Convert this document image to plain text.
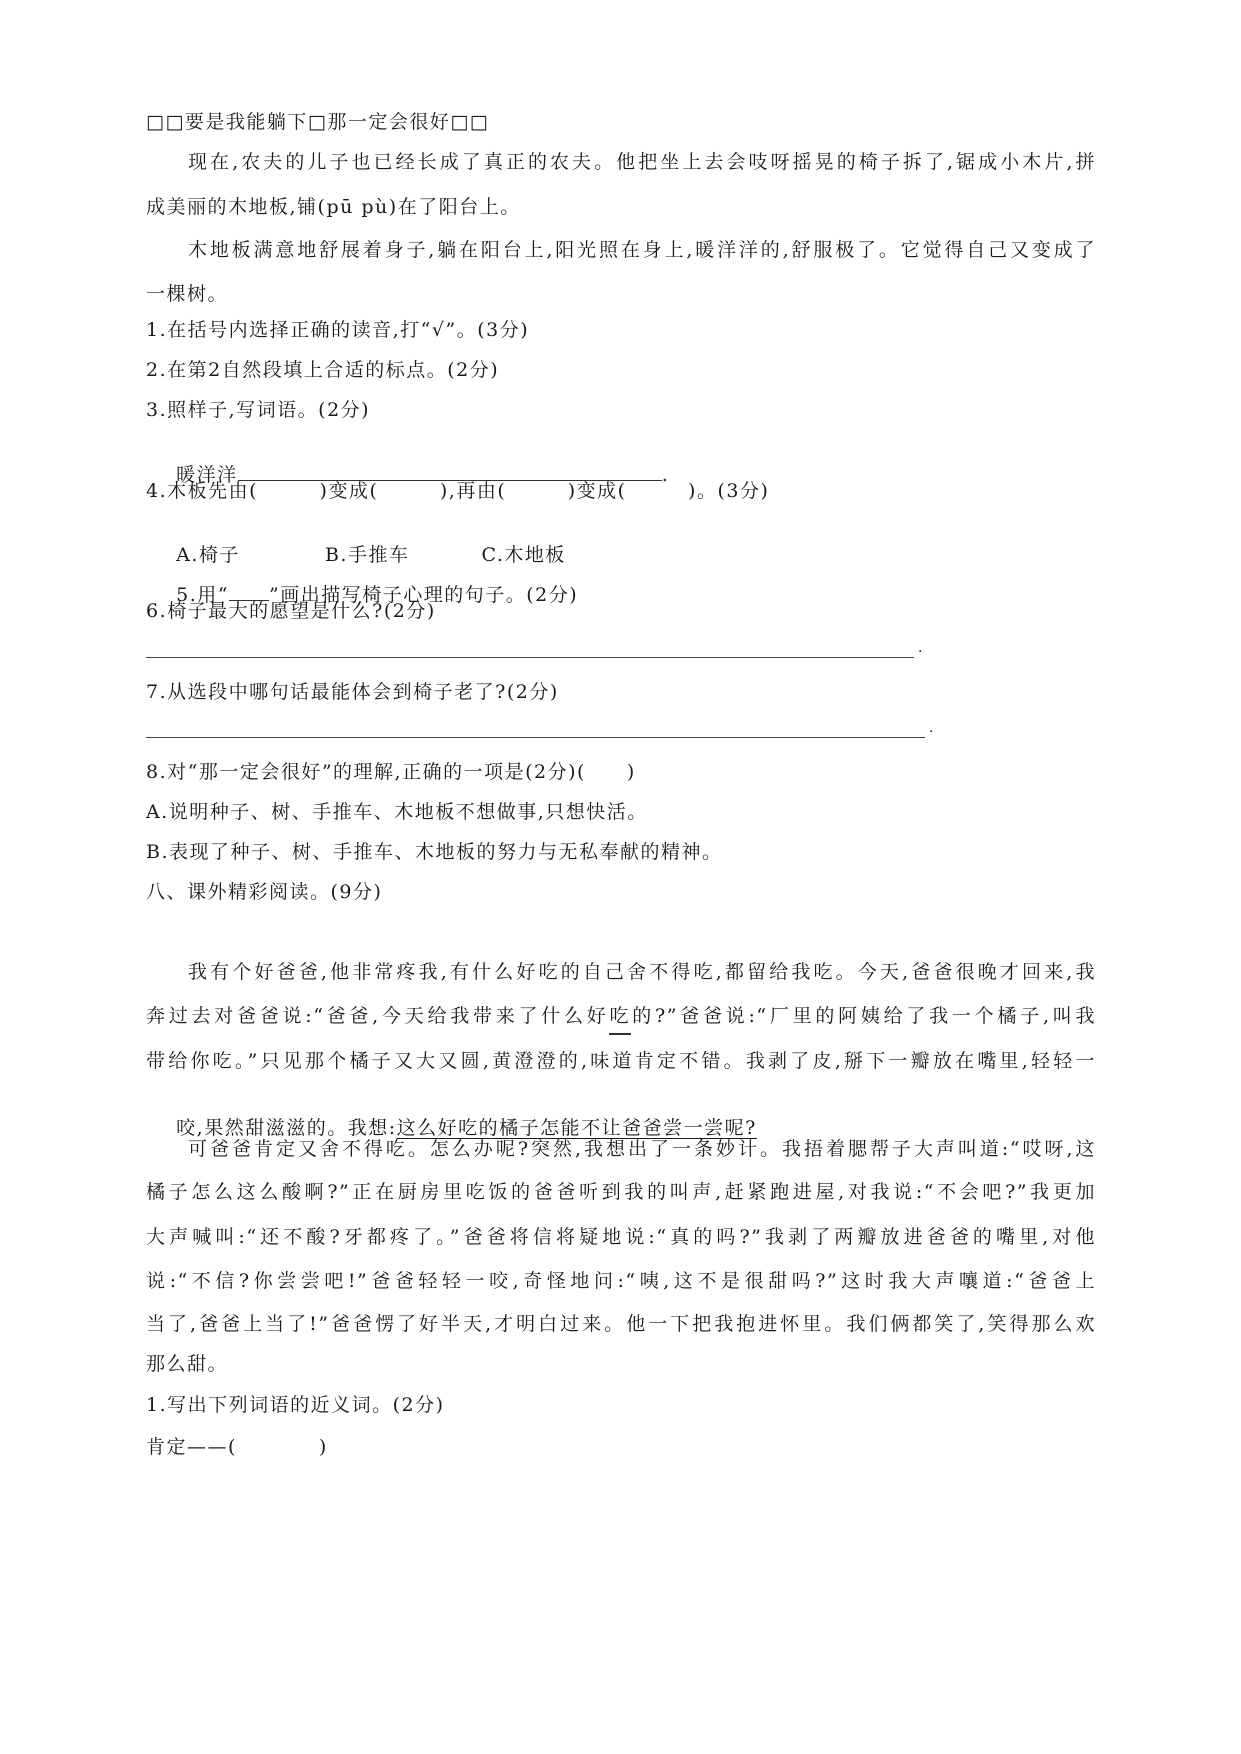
□□要是我能躺下□那一定会很好□□
现在,农夫的儿子也已经长成了真正的农夫。他把坐上去会吱呀摇晃的椅子拆了,锯成小木片,拼
成美丽的木地板,铺(pū pù)在了阳台上。
木地板满意地舒展着身子,躺在阳台上,阳光照在身上,暖洋洋的,舒服极了。它觉得自己又变成了
一棵树。
1.在括号内选择正确的读音,打“√”。(3分)
2.在第2自然段填上合适的标点。(2分)
3.照样子,写词语。(2分)

暖洋洋	.

4.木板先由(　　　)变成(　　　),再由(　　　)变成(　　　)。(3分)

A.椅子	B.手推车	C.木地板

5.用“ ”画出描写椅子心理的句子。(2分)

6.椅子最大的愿望是什么?(2分)
.
7.从选段中哪句话最能体会到椅子老了?(2分)
.
8.对“那一定会很好”的理解,正确的一项是(2分)(　　)
A.说明种子、树、手推车、木地板不想做事,只想快活。
B.表现了种子、树、手推车、木地板的努力与无私奉献的精神。
八、课外精彩阅读。(9分)
我有个好爸爸,他非常疼我,有什么好吃的自己舍不得吃,都留给我吃。今天,爸爸很晚才回来,我
奔过去对爸爸说:“爸爸,今天给我带来了什么好吃的?”爸爸说:“厂里的阿姨给了我一个橘子,叫我
带给你吃。”只见那个橘子又大又圆,黄澄澄的,味道肯定不错。我剥了皮,掰下一瓣放在嘴里,轻轻一

咬,果然甜滋滋的。我想:这么好吃的橘子怎能不让爸爸尝一尝呢?

可爸爸肯定又舍不得吃。怎么办呢?突然,我想出了一条妙计。我捂着腮帮子大声叫道:“哎呀,这
橘子怎么这么酸啊?”正在厨房里吃饭的爸爸听到我的叫声,赶紧跑进屋,对我说:“不会吧?”我更加
大声喊叫:“还不酸?牙都疼了。”爸爸将信将疑地说:“真的吗?”我剥了两瓣放进爸爸的嘴里,对他
说:“不信?你尝尝吧!”爸爸轻轻一咬,奇怪地问:“咦,这不是很甜吗?”这时我大声嚷道:“爸爸上
当了,爸爸上当了!”爸爸愣了好半天,才明白过来。他一下把我抱进怀里。我们俩都笑了,笑得那么欢
那么甜。
1.写出下列词语的近义词。(2分)
肯定——(　　　　)
